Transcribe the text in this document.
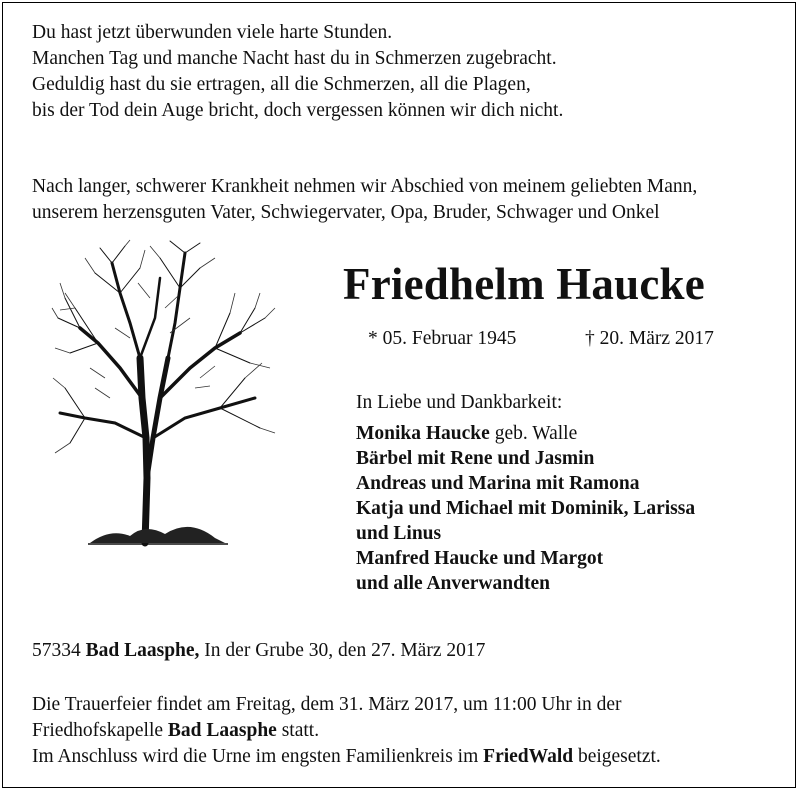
Du hast jetzt überwunden viele harte Stunden.
Manchen Tag und manche Nacht hast du in Schmerzen zugebracht.
Geduldig hast du sie ertragen, all die Schmerzen, all die Plagen,
bis der Tod dein Auge bricht, doch vergessen können wir dich nicht.
Nach langer, schwerer Krankheit nehmen wir Abschied von meinem geliebten Mann,
unserem herzensguten Vater, Schwiegervater, Opa, Bruder, Schwager und Onkel
Friedhelm Haucke
* 05. Februar 1945	† 20. März 2017
In Liebe und Dankbarkeit:
Monika Haucke geb. Walle
Bärbel mit Rene und Jasmin
Andreas und Marina mit Ramona
Katja und Michael mit Dominik, Larissa
und Linus
Manfred Haucke und Margot
und alle Anverwandten
57334 Bad Laasphe, In der Grube 30, den 27. März 2017
Die Trauerfeier findet am Freitag, dem 31. März 2017, um 11:00 Uhr in der
Friedhofskapelle Bad Laasphe statt.
Im Anschluss wird die Urne im engsten Familienkreis im FriedWald beigesetzt.
